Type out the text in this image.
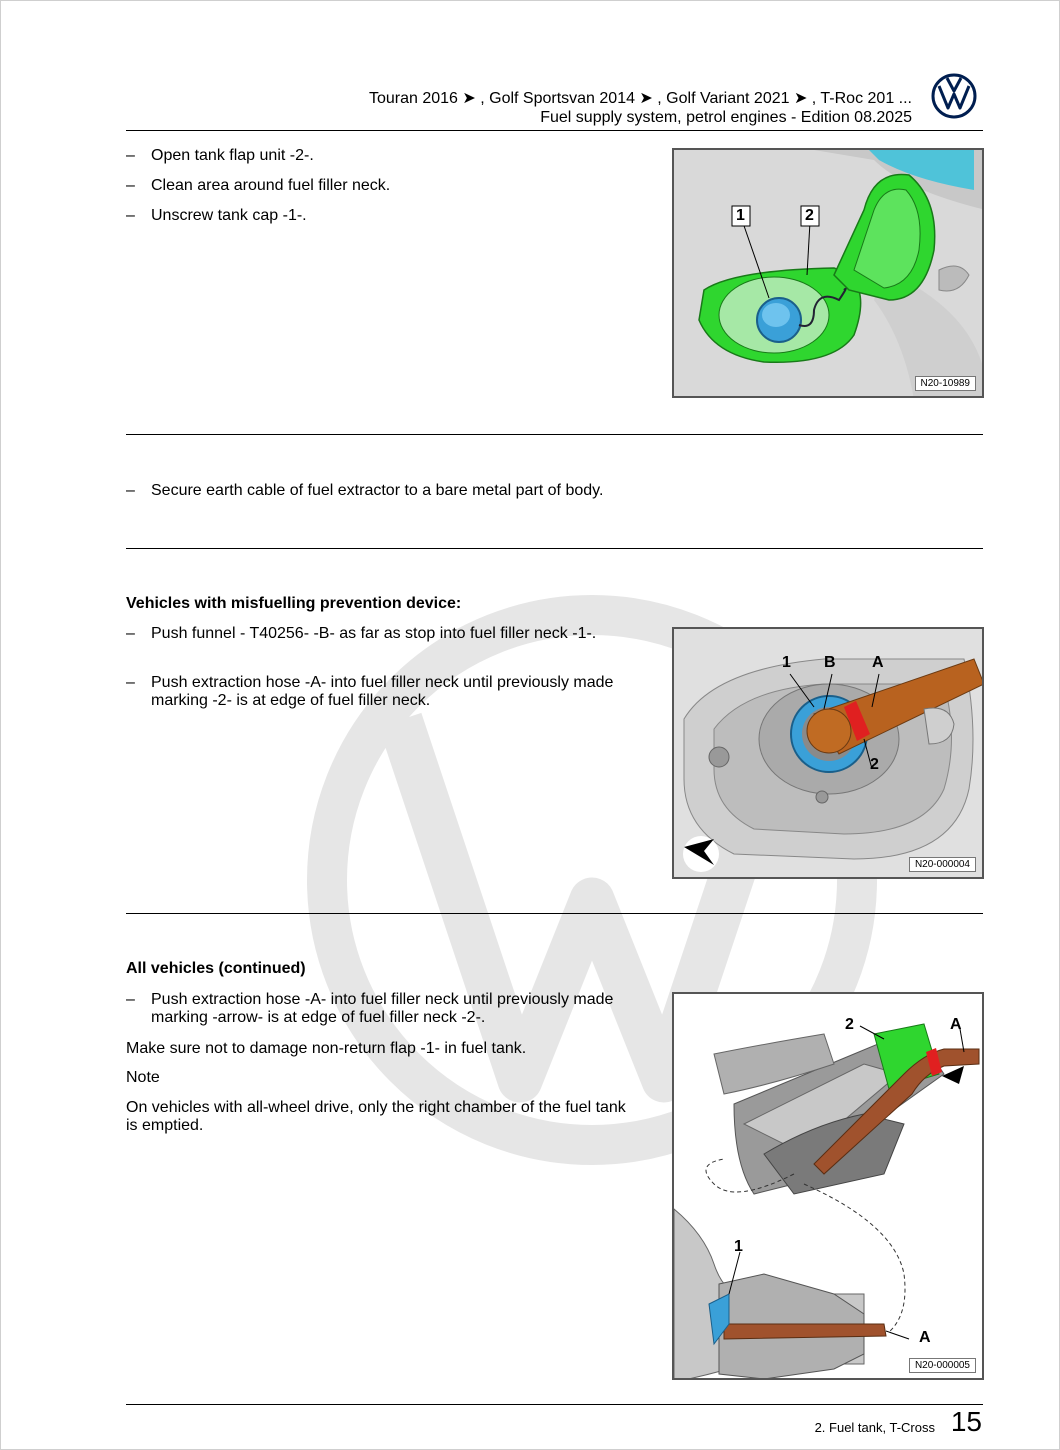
Touran 2016 ➤ , Golf Sportsvan 2014 ➤ , Golf Variant 2021 ➤ , T-Roc 201 ...
Fuel supply system, petrol engines - Edition 08.2025
– Open tank flap unit -2-.
– Clean area around fuel filler neck.
– Unscrew tank cap -1-.	1	2
N20-10989
– Secure earth cable of fuel extractor to a bare metal part of body.
Vehicles with misfuelling prevention device:
– Push funnel - T40256- -B- as far as stop into fuel filler neck -1-.
– Push extraction hose -A- into fuel filler neck until previously made marking -2- is at edge of fuel filler neck.
1 B A
2
N20-000004
All vehicles (continued)
– Push extraction hose -A- into fuel filler neck until previously made marking -arrow- is at edge of fuel filler neck -2-.
Make sure not to damage non-return flap -1- in fuel tank.
Note
On vehicles with all-wheel drive, only the right chamber of the fuel tank is emptied.
2	A
1
A
N20-000005
2. Fuel tank, T-Cross 15
